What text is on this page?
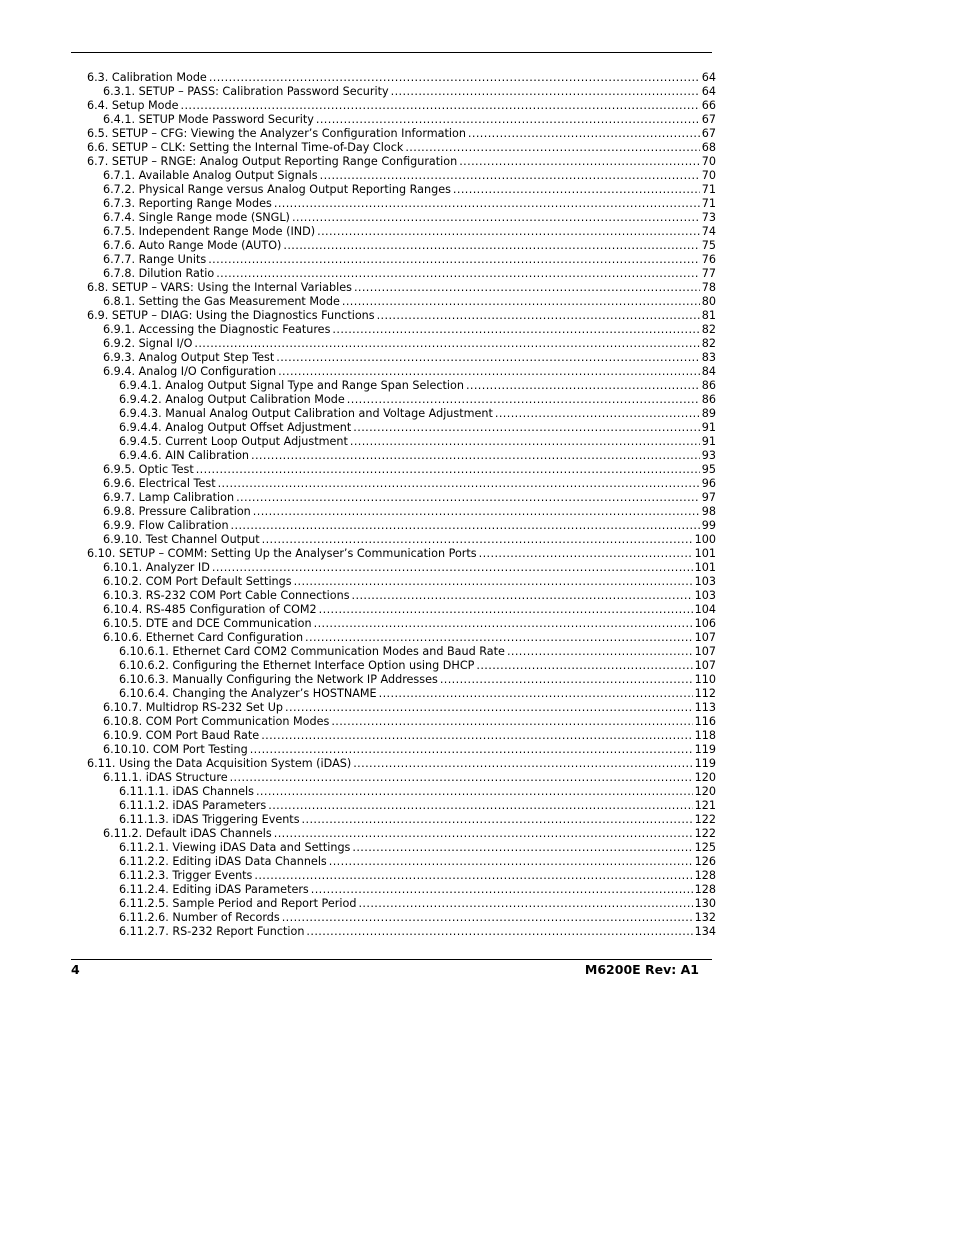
6.3. Calibration Mode .....	64
6.3.1. SETUP – PASS: Calibration Password Security .....	64
6.4. Setup Mode .....	66
6.4.1. SETUP Mode Password Security .....	67
6.5. SETUP – CFG: Viewing the Analyzer’s Configuration Information .....	67
6.6. SETUP – CLK: Setting the Internal Time-of-Day Clock .....	68
6.7. SETUP – RNGE: Analog Output Reporting Range Configuration .....	70
6.7.1. Available Analog Output Signals .....	70
6.7.2. Physical Range versus Analog Output Reporting Ranges .....	71
6.7.3. Reporting Range Modes .....	71
6.7.4. Single Range mode (SNGL) .....	73
6.7.5. Independent Range Mode (IND) .....	74
6.7.6. Auto Range Mode (AUTO) .....	75
6.7.7. Range Units .....	76
6.7.8. Dilution Ratio .....	77
6.8. SETUP – VARS: Using the Internal Variables .....	78
6.8.1. Setting the Gas Measurement Mode .....	80
6.9. SETUP – DIAG: Using the Diagnostics Functions .....	81
6.9.1. Accessing the Diagnostic Features .....	82
6.9.2. Signal I/O .....	82
6.9.3. Analog Output Step Test .....	83
6.9.4. Analog I/O Configuration .....	84
6.9.4.1. Analog Output Signal Type and Range Span Selection .....	86
6.9.4.2. Analog Output Calibration Mode .....	86
6.9.4.3. Manual Analog Output Calibration and Voltage Adjustment .....	89
6.9.4.4. Analog Output Offset Adjustment .....	91
6.9.4.5. Current Loop Output Adjustment .....	91
6.9.4.6. AIN Calibration .....	93
6.9.5. Optic Test .....	95
6.9.6. Electrical Test .....	96
6.9.7. Lamp Calibration .....	97
6.9.8. Pressure Calibration .....	98
6.9.9. Flow Calibration .....	99
6.9.10. Test Channel Output .....	100
6.10. SETUP – COMM: Setting Up the Analyser’s Communication Ports .....	101
6.10.1. Analyzer ID .....	101
6.10.2. COM Port Default Settings .....	103
6.10.3. RS-232 COM Port Cable Connections .....	103
6.10.4. RS-485 Configuration of COM2 .....	104
6.10.5. DTE and DCE Communication .....	106
6.10.6. Ethernet Card Configuration .....	107
6.10.6.1. Ethernet Card COM2 Communication Modes and Baud Rate .....	107
6.10.6.2. Configuring the Ethernet Interface Option using DHCP .....	107
6.10.6.3. Manually Configuring the Network IP Addresses .....	110
6.10.6.4. Changing the Analyzer’s HOSTNAME .....	112
6.10.7. Multidrop RS-232 Set Up .....	113
6.10.8. COM Port Communication Modes .....	116
6.10.9. COM Port Baud Rate .....	118
6.10.10. COM Port Testing .....	119
6.11. Using the Data Acquisition System (iDAS) .....	119
6.11.1. iDAS Structure .....	120
6.11.1.1. iDAS Channels .....	120
6.11.1.2. iDAS Parameters .....	121
6.11.1.3. iDAS Triggering Events .....	122
6.11.2. Default iDAS Channels .....	122
6.11.2.1. Viewing iDAS Data and Settings .....	125
6.11.2.2. Editing iDAS Data Channels .....	126
6.11.2.3. Trigger Events .....	128
6.11.2.4. Editing iDAS Parameters .....	128
6.11.2.5. Sample Period and Report Period .....	130
6.11.2.6. Number of Records .....	132
6.11.2.7. RS-232 Report Function .....	134
4	M6200E Rev: A1
